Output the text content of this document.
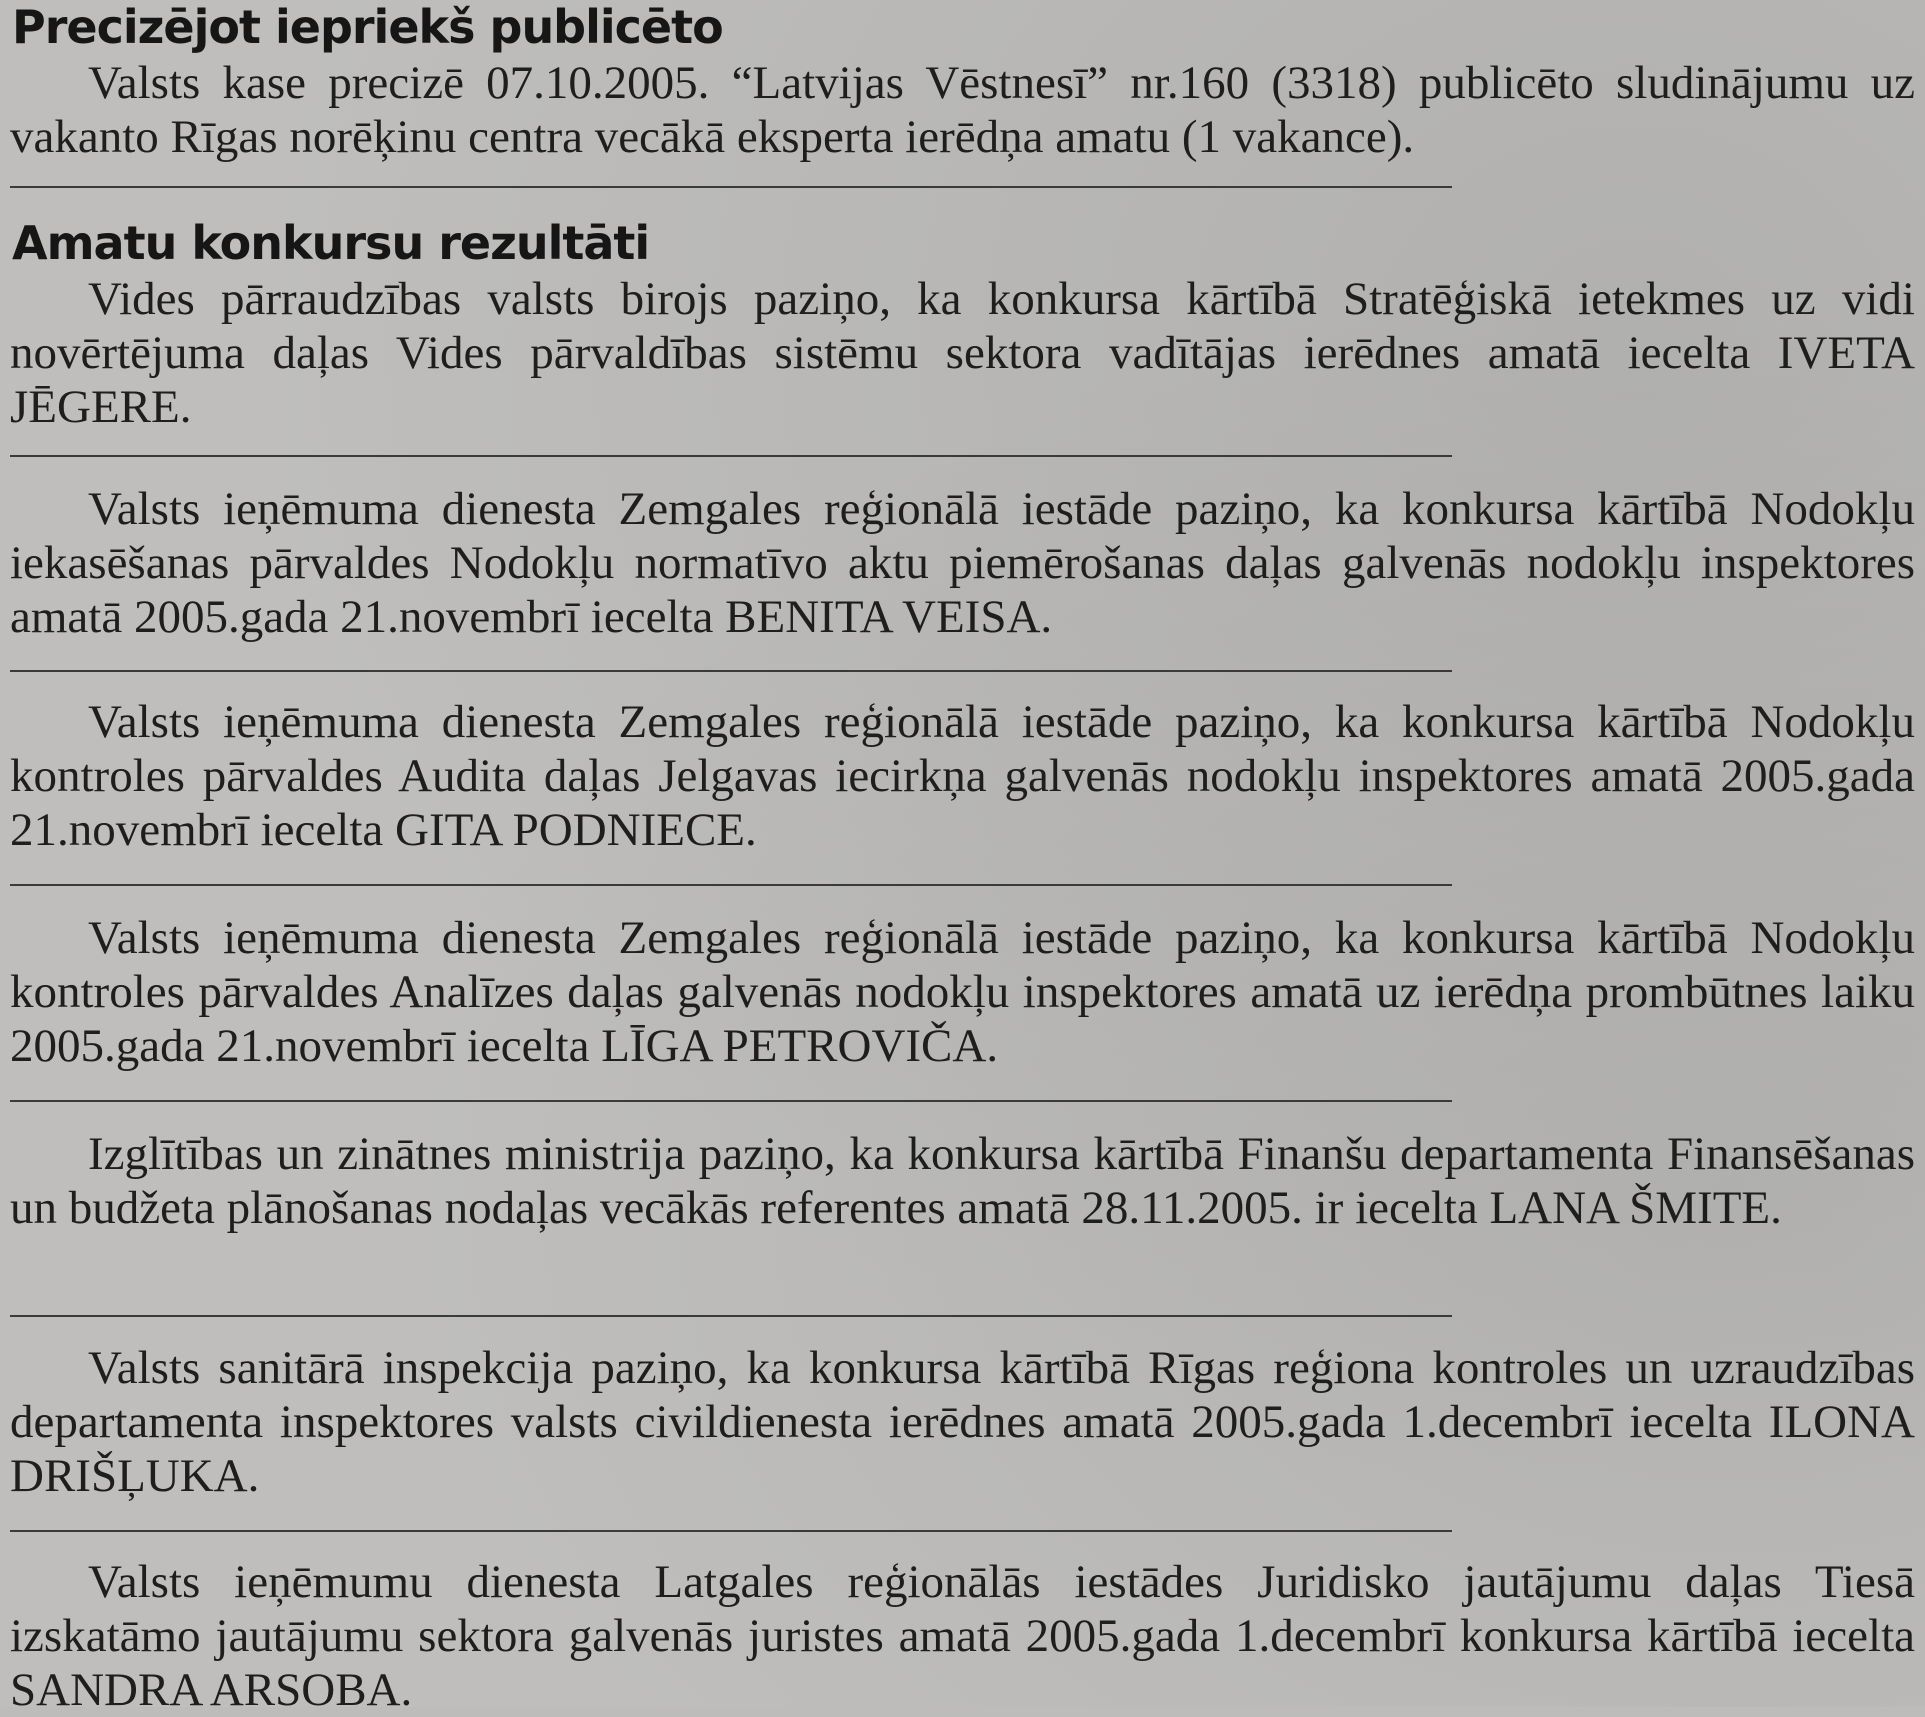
Precizējot iepriekš publicēto

Valsts kase precizē 07.10.2005. “Latvijas Vēstnesī” nr.160 (3318) publicēto sludinājumu uz vakanto Rīgas norēķinu centra vecākā eksperta ierēdņa amatu (1 vakance).

Amatu konkursu rezultāti

Vides pārraudzības valsts birojs paziņo, ka konkursa kārtībā Stratēģiskā ietekmes uz vidi novērtējuma daļas Vides pārvaldības sistēmu sektora vadītājas ierēdnes amatā iecelta IVETA JĒGERE.

Valsts ieņēmuma dienesta Zemgales reģionālā iestāde paziņo, ka konkursa kārtībā Nodokļu iekasēšanas pārvaldes Nodokļu normatīvo aktu piemērošanas daļas galvenās nodokļu inspektores amatā 2005.gada 21.novembrī iecelta BENITA VEISA.

Valsts ieņēmuma dienesta Zemgales reģionālā iestāde paziņo, ka konkursa kārtībā Nodokļu kontroles pārvaldes Audita daļas Jelgavas iecirkņa galvenās nodokļu inspektores amatā 2005.gada 21.novembrī iecelta GITA PODNIECE.

Valsts ieņēmuma dienesta Zemgales reģionālā iestāde paziņo, ka konkursa kārtībā Nodokļu kontroles pārvaldes Analīzes daļas galvenās nodokļu inspektores amatā uz ierēdņa prombūtnes laiku 2005.gada 21.novembrī iecelta LĪGA PETROVIČA.

Izglītības un zinātnes ministrija paziņo, ka konkursa kārtībā Finanšu departamenta Finansēšanas un budžeta plānošanas nodaļas vecākās referentes amatā 28.11.2005. ir iecelta LANA ŠMITE.

Valsts sanitārā inspekcija paziņo, ka konkursa kārtībā Rīgas reģiona kontroles un uzraudzības departamenta inspektores valsts civildienesta ierēdnes amatā 2005.gada 1.decembrī iecelta ILONA DRIŠĻUKA.

Valsts ieņēmumu dienesta Latgales reģionālās iestādes Juridisko jautājumu daļas Tiesā izskatāmo jautājumu sektora galvenās juristes amatā 2005.gada 1.decembrī konkursa kārtībā iecelta SANDRA ARSOBA.
